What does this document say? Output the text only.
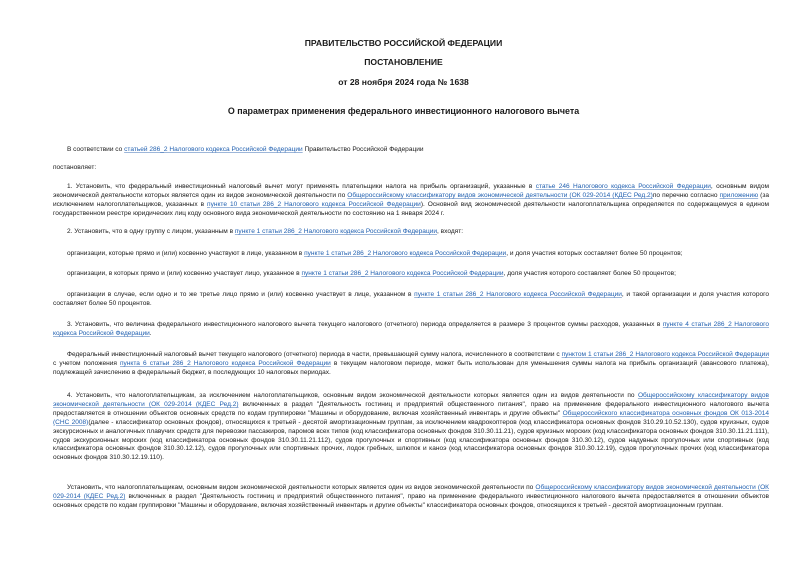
ПРАВИТЕЛЬСТВО РОССИЙСКОЙ ФЕДЕРАЦИИ
ПОСТАНОВЛЕНИЕ
от 28 ноября 2024 года № 1638
О параметрах применения федерального инвестиционного налогового вычета
В соответствии со статьей 286_2 Налогового кодекса Российской Федерации Правительство Российской Федерации
постановляет:
1. Установить, что федеральный инвестиционный налоговый вычет могут применять плательщики налога на прибыль организаций, указанные в статье 246 Налогового кодекса Российской Федерации, основным видом экономической деятельности которых является один из видов экономической деятельности по Общероссийскому классификатору видов экономической деятельности (ОК 029-2014 (КДЕС Ред.2)по перечню согласно приложению (за исключением налогоплательщиков, указанных в пункте 10 статьи 286_2 Налогового кодекса Российской Федерации). Основной вид экономической деятельности налогоплательщика определяется по содержащемуся в едином государственном реестре юридических лиц коду основного вида экономической деятельности по состоянию на 1 января 2024 г.
2. Установить, что в одну группу с лицом, указанным в пункте 1 статьи 286_2 Налогового кодекса Российской Федерации, входят:
организации, которые прямо и (или) косвенно участвуют в лице, указанном в пункте 1 статьи 286_2 Налогового кодекса Российской Федерации, и доля участия которых составляет более 50 процентов;
организации, в которых прямо и (или) косвенно участвует лицо, указанное в пункте 1 статьи 286_2 Налогового кодекса Российской Федерации, доля участия которого составляет более 50 процентов;
организации в случае, если одно и то же третье лицо прямо и (или) косвенно участвует в лице, указанном в пункте 1 статьи 286_2 Налогового кодекса Российской Федерации, и такой организации и доля участия которого составляет более 50 процентов.
3. Установить, что величина федерального инвестиционного налогового вычета текущего налогового (отчетного) периода определяется в размере 3 процентов суммы расходов, указанных в пункте 4 статьи 286_2 Налогового кодекса Российской Федерации.
Федеральный инвестиционный налоговый вычет текущего налогового (отчетного) периода в части, превышающей сумму налога, исчисленного в соответствии с пунктом 1 статьи 286_2 Налогового кодекса Российской Федерации с учетом положения пункта 6 статьи 286_2 Налогового кодекса Российской Федерации в текущем налоговом периоде, может быть использован для уменьшения суммы налога на прибыль организаций (авансового платежа), подлежащей зачислению в федеральный бюджет, в последующих 10 налоговых периодах.
4. Установить, что налогоплательщикам, за исключением налогоплательщиков, основным видом экономической деятельности которых является один из видов деятельности по Общероссийскому классификатору видов экономической деятельности (ОК 029-2014 (КДЕС Ред.2) включенных в раздел "Деятельность гостиниц и предприятий общественного питания", право на применение федерального инвестиционного налогового вычета предоставляется в отношении объектов основных средств по кодам группировки "Машины и оборудование, включая хозяйственный инвентарь и другие объекты" Общероссийского классификатора основных фондов ОК 013-2014 (СНС 2008)(далее - классификатор основных фондов), относящихся к третьей - десятой амортизационным группам, за исключением квадрокоптеров (код классификатора основных фондов 310.29.10.52.130), судов круизных, судов экскурсионных и аналогичных плавучих средств для перевозки пассажиров, паромов всех типов (код классификатора основных фондов 310.30.11.21), судов круизных морских (код классификатора основных фондов 310.30.11.21.111), судов экскурсионных морских (код классификатора основных фондов 310.30.11.21.112), судов прогулочных и спортивных (код классификатора основных фондов 310.30.12), судов надувных прогулочных или спортивных (код классификатора основных фондов 310.30.12.12), судов прогулочных или спортивных прочих, лодок гребных, шлюпок и каноэ (код классификатора основных фондов 310.30.12.19), судов прогулочных прочих (код классификатора основных фондов 310.30.12.19.110).
Установить, что налогоплательщикам, основным видом экономической деятельности которых является один из видов экономической деятельности по Общероссийскому классификатору видов экономической деятельности (ОК 029-2014 (КДЕС Ред.2) включенных в раздел "Деятельность гостиниц и предприятий общественного питания", право на применение федерального инвестиционного налогового вычета предоставляется в отношении объектов основных средств по кодам группировки "Машины и оборудование, включая хозяйственный инвентарь и другие объекты" классификатора основных фондов, относящихся к третьей - десятой амортизационным группам.
